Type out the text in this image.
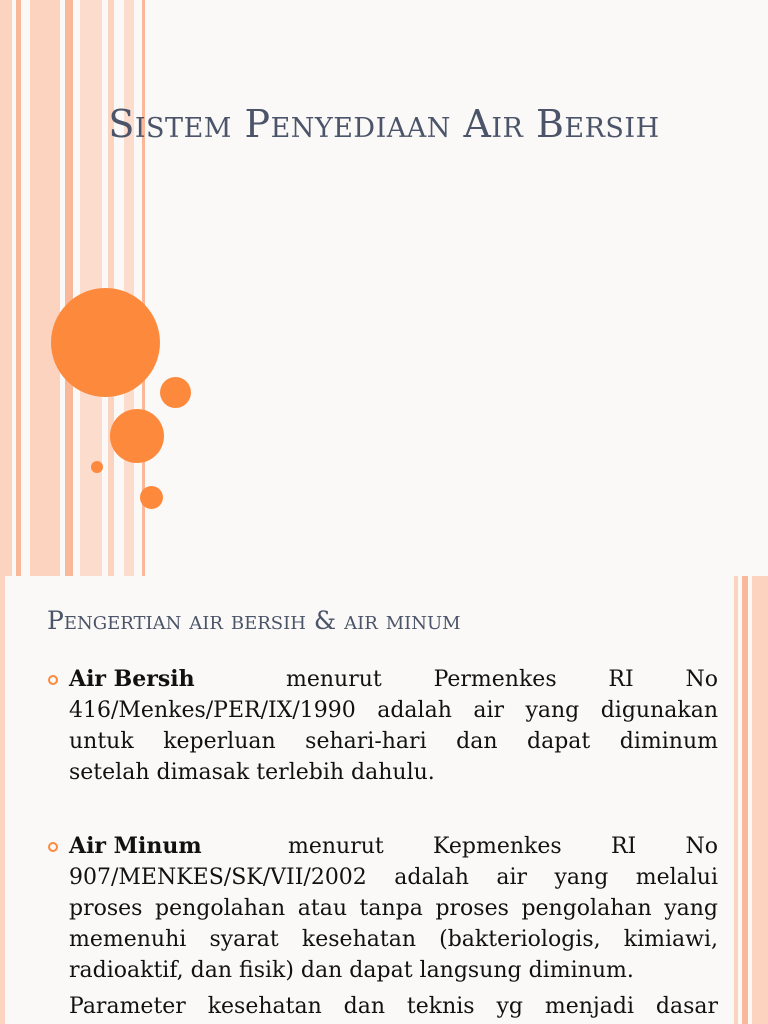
Sistem Penyediaan Air Bersih
Pengertian air bersih & air minum
Air Bersih	menurut Permenkes RI No
416/Menkes/PER/IX/1990 adalah air yang digunakan
untuk keperluan sehari-hari dan dapat diminum
setelah dimasak terlebih dahulu.
Air Minum	menurut Kepmenkes RI No
907/MENKES/SK/VII/2002 adalah air yang melalui
proses pengolahan atau tanpa proses pengolahan yang
memenuhi syarat kesehatan (bakteriologis, kimiawi,
radioaktif, dan fisik) dan dapat langsung diminum.
Parameter kesehatan dan teknis yg menjadi dasar
